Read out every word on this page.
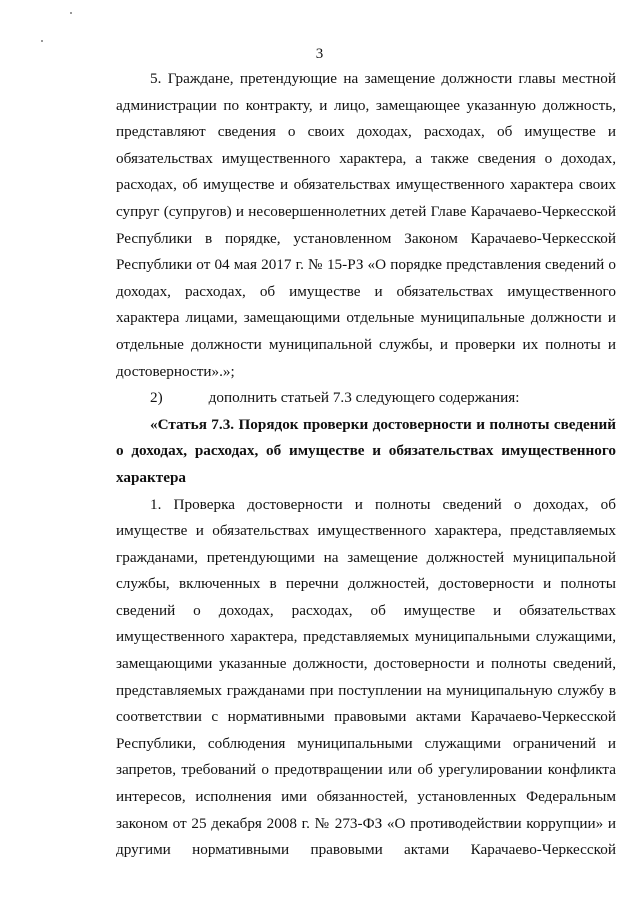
3
5. Граждане, претендующие на замещение должности главы местной
администрации по контракту, и лицо, замещающее указанную должность,
представляют сведения о своих доходах, расходах, об имуществе и
обязательствах имущественного характера, а также сведения о доходах,
расходах, об имуществе и обязательствах имущественного характера своих
супруг (супругов) и несовершеннолетних детей Главе Карачаево-Черкесской
Республики в порядке, установленном Законом Карачаево-Черкесской
Республики от 04 мая 2017 г. № 15-РЗ «О порядке представления сведений о
доходах, расходах, об имуществе и обязательствах имущественного
характера лицами, замещающими отдельные муниципальные должности и
отдельные должности муниципальной службы, и проверки их полноты и
достоверности».»;
2)	дополнить статьей 7.3 следующего содержания:
«Статья 7.3. Порядок проверки достоверности и полноты сведений
о доходах, расходах, об имуществе и обязательствах имущественного
характера
1. Проверка достоверности и полноты сведений о доходах, об
имуществе и обязательствах имущественного характера, представляемых
гражданами, претендующими на замещение должностей муниципальной
службы, включенных в перечни должностей, достоверности и полноты
сведений о доходах, расходах, об имуществе и обязательствах
имущественного характера, представляемых муниципальными служащими,
замещающими указанные должности, достоверности и полноты сведений,
представляемых гражданами при поступлении на муниципальную службу в
соответствии с нормативными правовыми актами Карачаево-Черкесской
Республики, соблюдения муниципальными служащими ограничений и
запретов, требований о предотвращении или об урегулировании конфликта
интересов, исполнения ими обязанностей, установленных Федеральным
законом от 25 декабря 2008 г. № 273-ФЗ «О противодействии коррупции» и
другими нормативными правовыми актами Карачаево-Черкесской
